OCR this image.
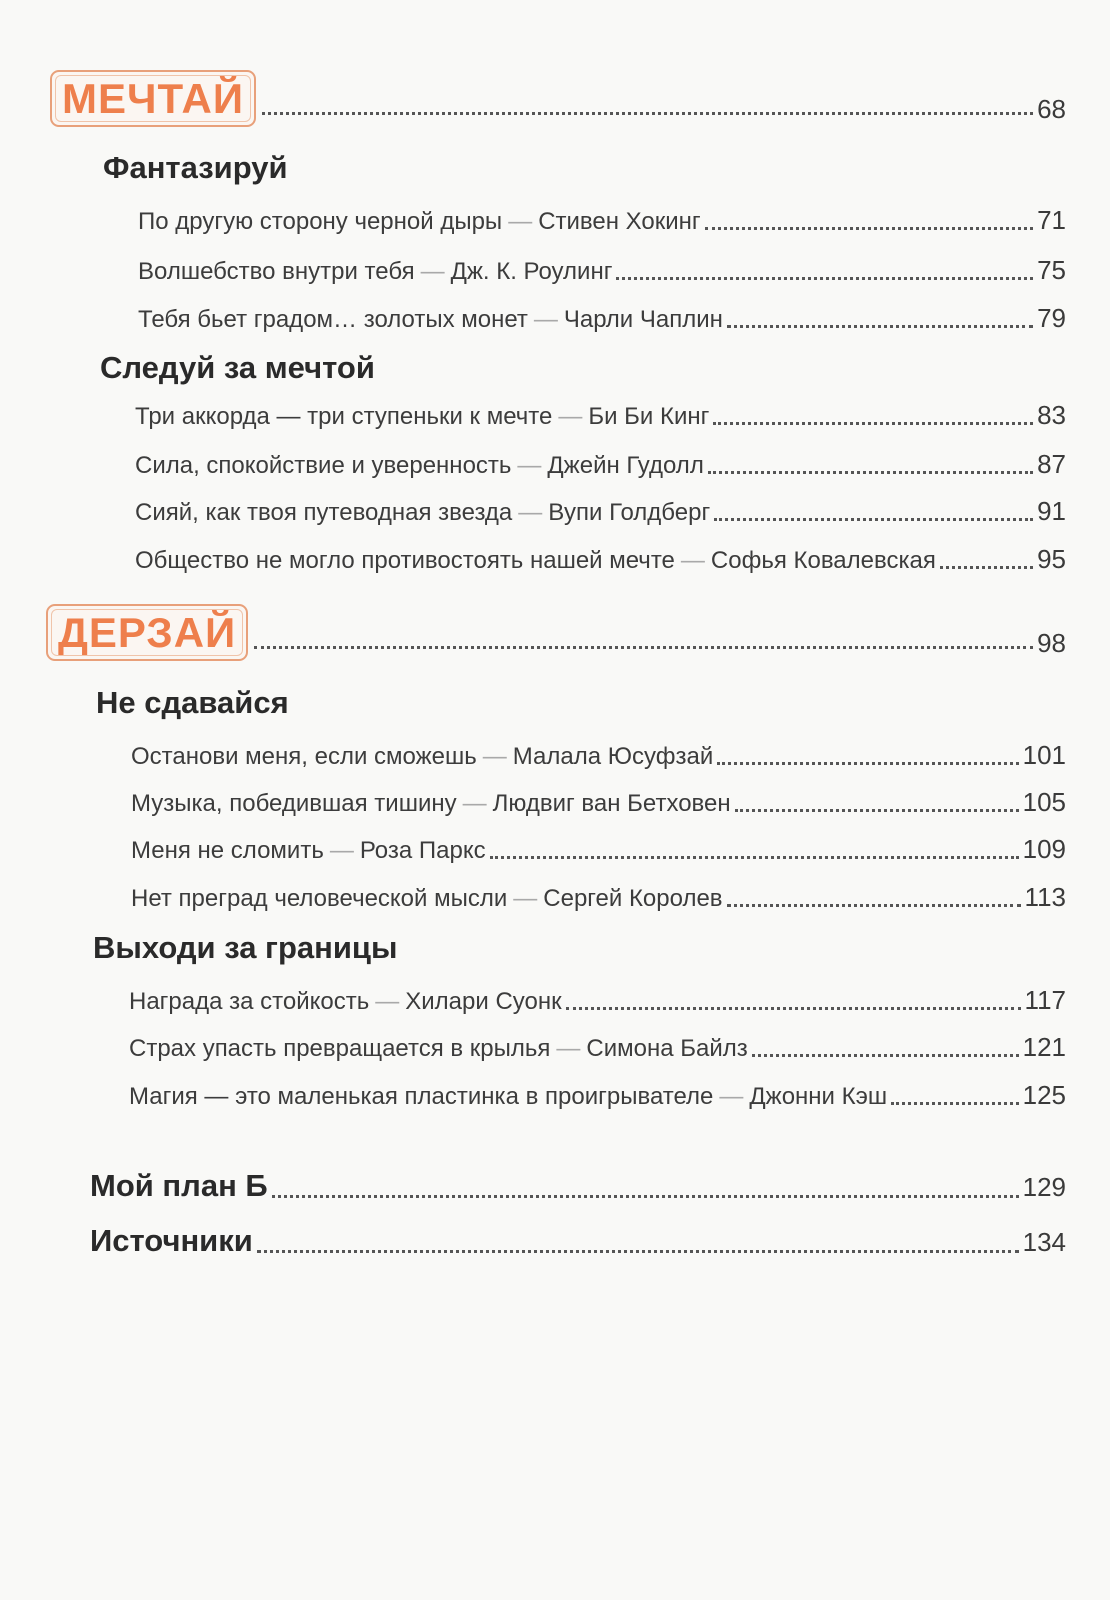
МЕЧТАЙ	68
Фантазируй
По другую сторону черной дыры — Стивен Хокинг	71
Волшебство внутри тебя — Дж. К. Роулинг	75
Тебя бьет градом… золотых монет — Чарли Чаплин	79
Следуй за мечтой
Три аккорда — три ступеньки к мечте — Би Би Кинг	83
Сила, спокойствие и уверенность — Джейн Гудолл	87
Сияй, как твоя путеводная звезда — Вупи Голдберг	91
Общество не могло противостоять нашей мечте — Софья Ковалевская	95
ДЕРЗАЙ	98
Не сдавайся
Останови меня, если сможешь — Малала Юсуфзай	101
Музыка, победившая тишину — Людвиг ван Бетховен	105
Меня не сломить — Роза Паркс	109
Нет преград человеческой мысли — Сергей Королев	113
Выходи за границы
Награда за стойкость — Хилари Суонк	117
Страх упасть превращается в крылья — Симона Байлз	121
Магия — это маленькая пластинка в проигрывателе — Джонни Кэш	125
Мой план Б	129
Источники	134
